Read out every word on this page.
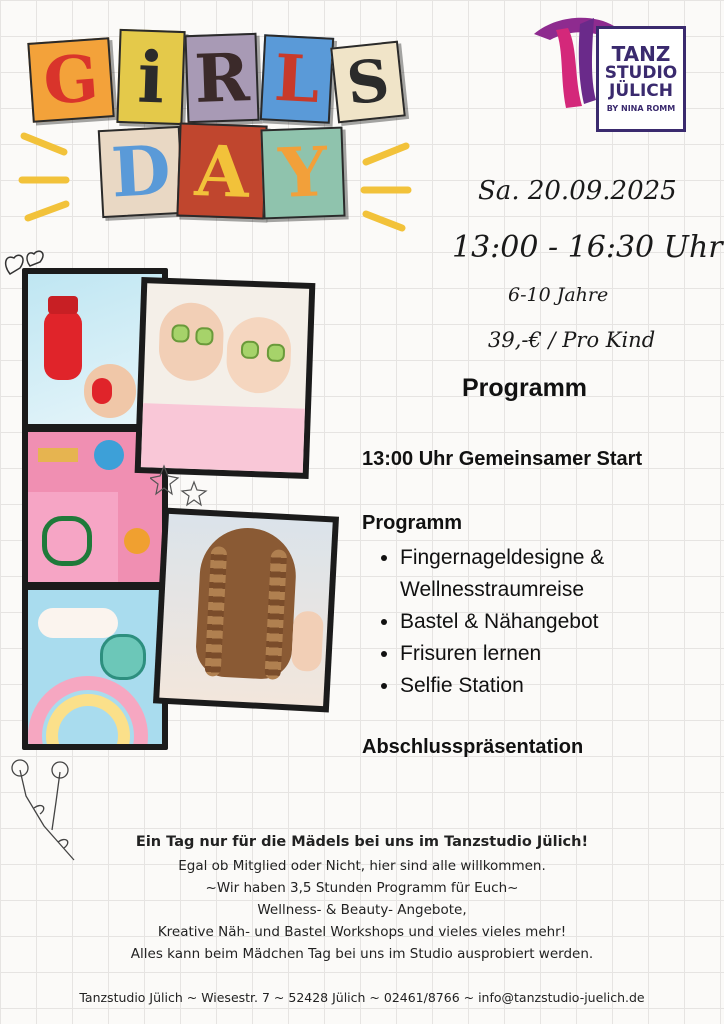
G i R L S
D A Y
TANZ
STUDIO
JÜLICH
BY NINA ROMM
Sa. 20.09.2025
13:00 - 16:30 Uhr
6-10 Jahre
39,-€ / Pro Kind
Programm
13:00 Uhr Gemeinsamer Start
Programm
• Fingernageldesigne &
Wellnesstraumreise
• Bastel & Nähangebot
• Frisuren lernen
• Selfie Station
Abschlusspräsentation
Ein Tag nur für die Mädels bei uns im Tanzstudio Jülich!
Egal ob Mitglied oder Nicht, hier sind alle willkommen.
~Wir haben 3,5 Stunden Programm für Euch~
Wellness- & Beauty- Angebote,
Kreative Näh- und Bastel Workshops und vieles vieles mehr!
Alles kann beim Mädchen Tag bei uns im Studio ausprobiert werden.
Tanzstudio Jülich ~ Wiesestr. 7 ~ 52428 Jülich ~ 02461/8766 ~ info@tanzstudio-juelich.de
